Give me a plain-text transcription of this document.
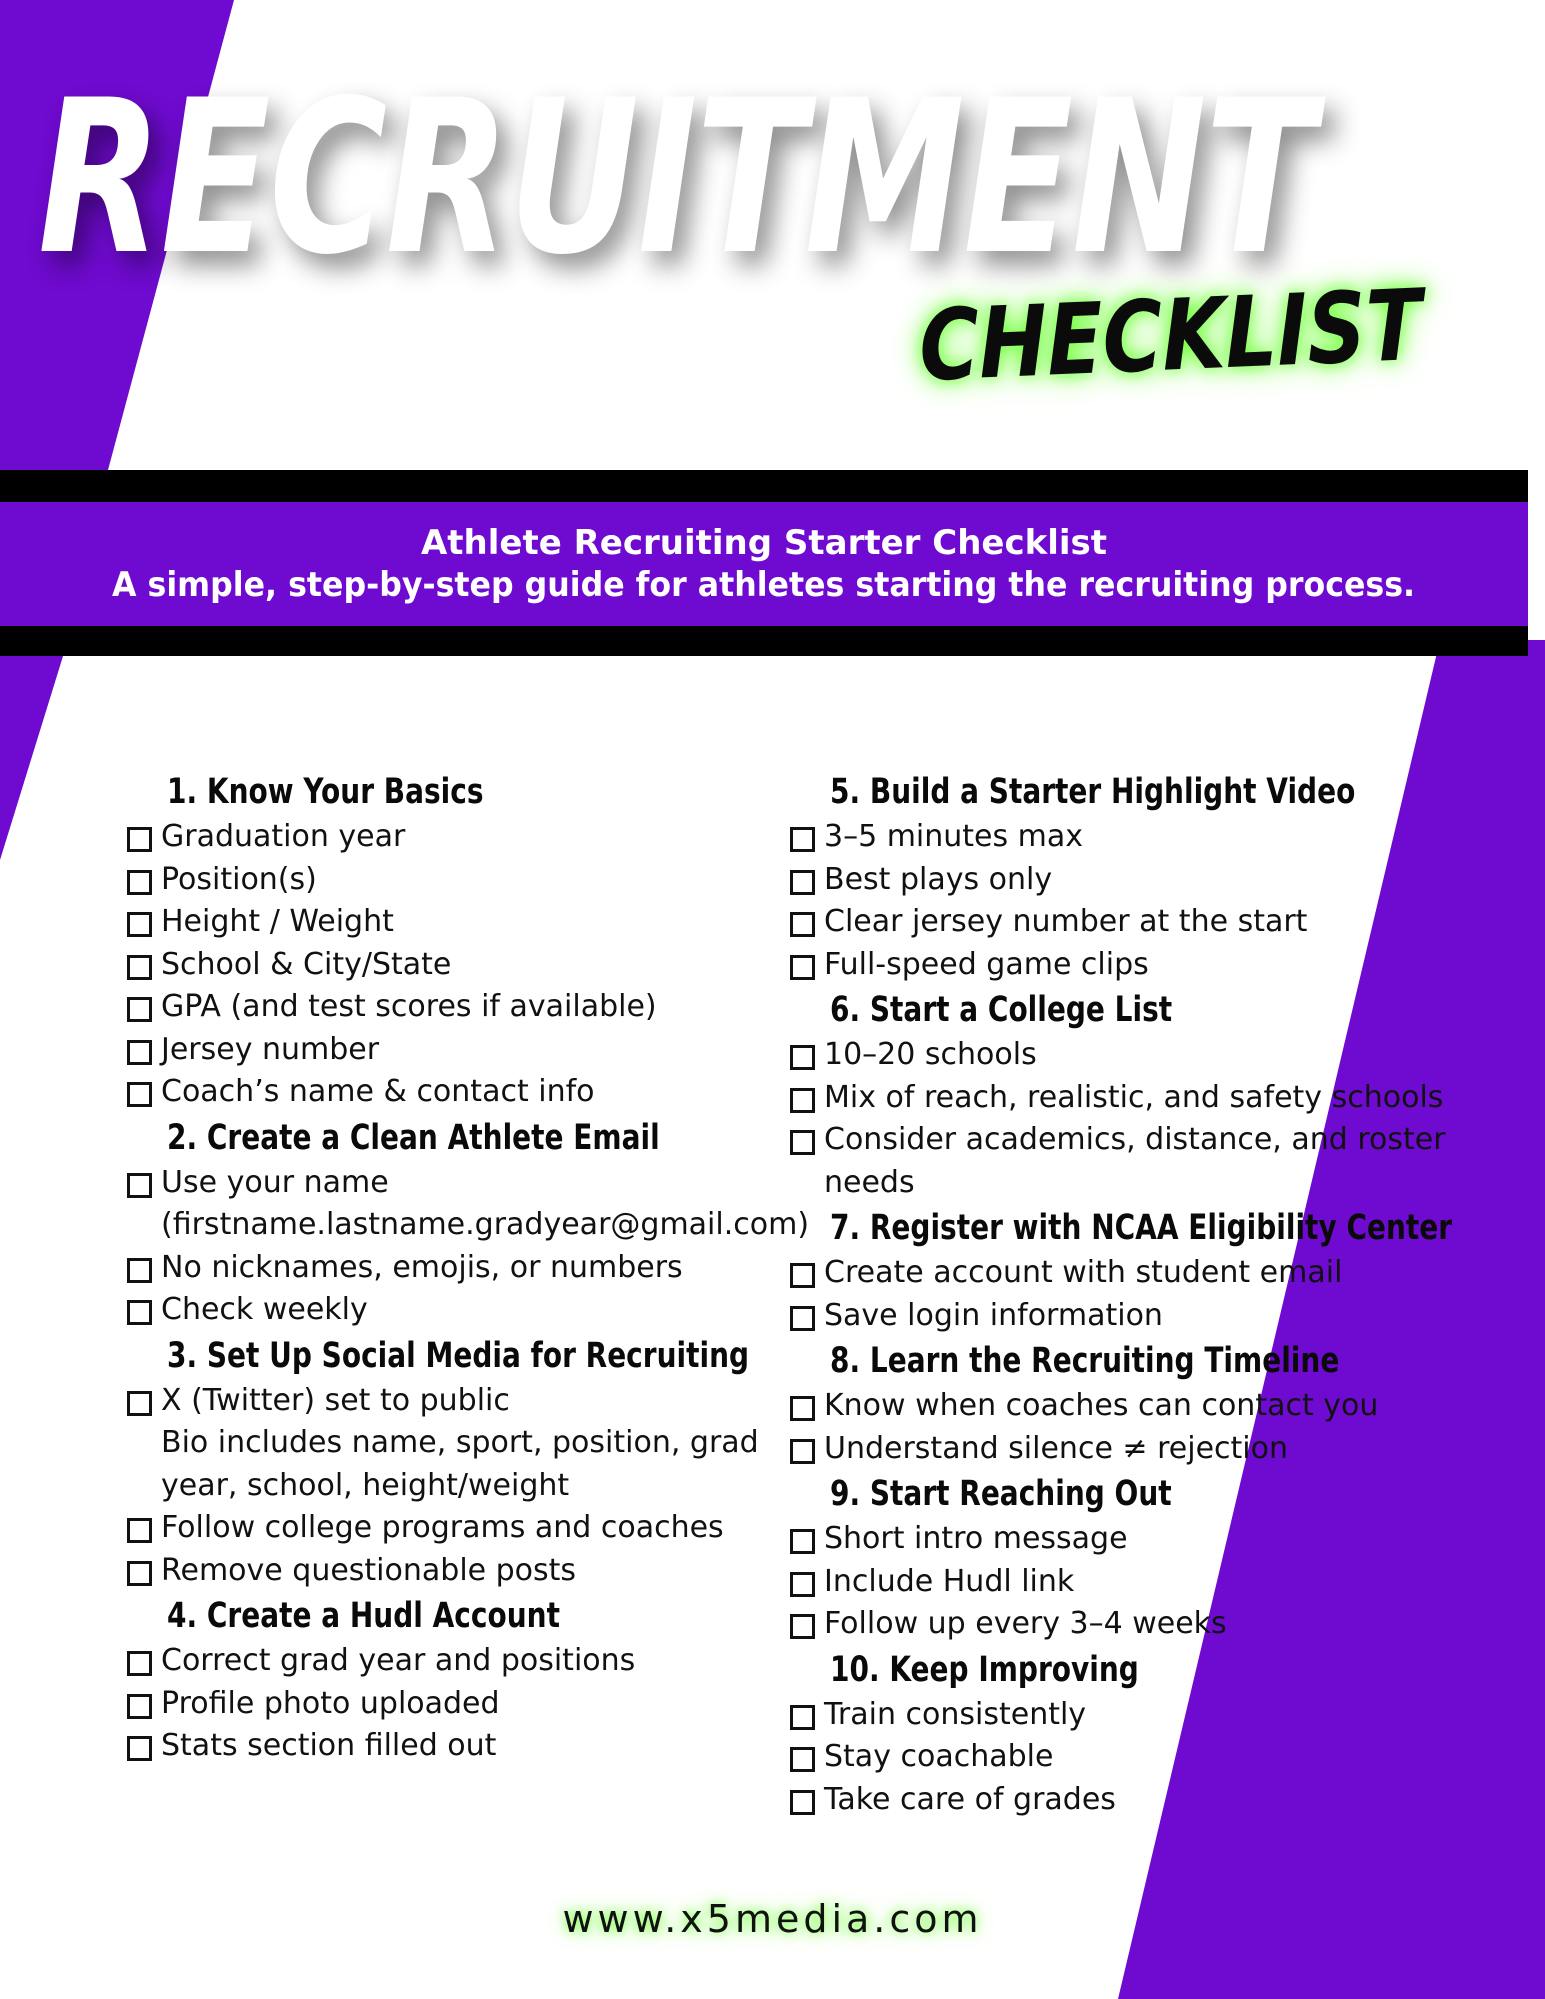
RECRUITMENT
CHECKLIST
Athlete Recruiting Starter Checklist
A simple, step-by-step guide for athletes starting the recruiting process.
1. Know Your Basics
Graduation year
Position(s)
Height / Weight
School & City/State
GPA (and test scores if available)
Jersey number
Coach’s name & contact info
2. Create a Clean Athlete Email
Use your name
(firstname.lastname.gradyear@gmail.com)
No nicknames, emojis, or numbers
Check weekly
3. Set Up Social Media for Recruiting
X (Twitter) set to public
Bio includes name, sport, position, grad
year, school, height/weight
Follow college programs and coaches
Remove questionable posts
4. Create a Hudl Account
Correct grad year and positions
Profile photo uploaded
Stats section filled out
5. Build a Starter Highlight Video
3–5 minutes max
Best plays only
Clear jersey number at the start
Full-speed game clips
6. Start a College List
10–20 schools
Mix of reach, realistic, and safety schools
Consider academics, distance, and roster
needs
7. Register with NCAA Eligibility Center
Create account with student email
Save login information
8. Learn the Recruiting Timeline
Know when coaches can contact you
Understand silence ≠ rejection
9. Start Reaching Out
Short intro message
Include Hudl link
Follow up every 3–4 weeks
10. Keep Improving
Train consistently
Stay coachable
Take care of grades
www.x5media.com
